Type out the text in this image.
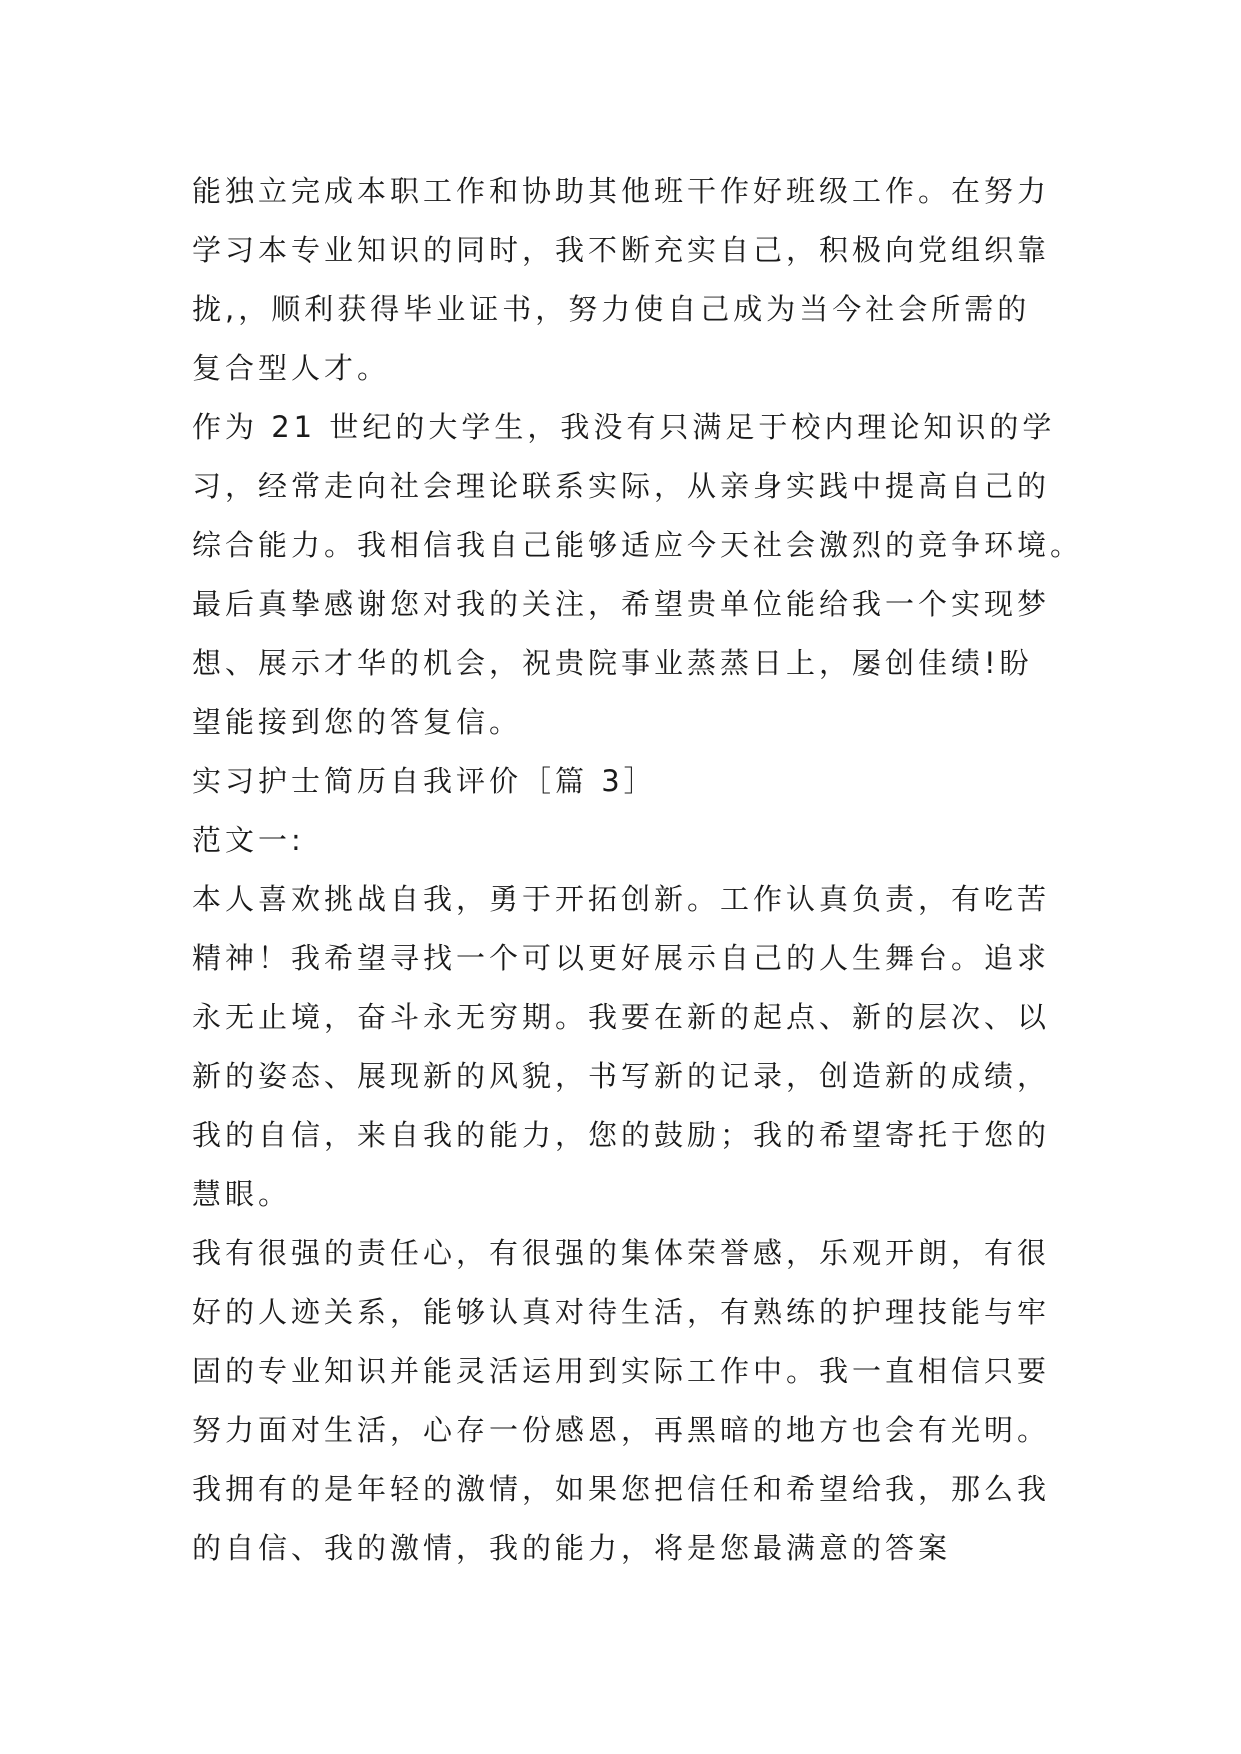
能独立完成本职工作和协助其他班干作好班级工作。在努力
学习本专业知识的同时，我不断充实自己，积极向党组织靠
拢,，顺利获得毕业证书，努力使自己成为当今社会所需的
复合型人才。
作为 21 世纪的大学生，我没有只满足于校内理论知识的学
习，经常走向社会理论联系实际，从亲身实践中提高自己的
综合能力。我相信我自己能够适应今天社会激烈的竞争环境。
最后真挚感谢您对我的关注，希望贵单位能给我一个实现梦
想、展示才华的机会，祝贵院事业蒸蒸日上，屡创佳绩!盼
望能接到您的答复信。
实习护士简历自我评价［篇 3］
范文一:
本人喜欢挑战自我，勇于开拓创新。工作认真负责，有吃苦
精神！我希望寻找一个可以更好展示自己的人生舞台。追求
永无止境，奋斗永无穷期。我要在新的起点、新的层次、以
新的姿态、展现新的风貌，书写新的记录，创造新的成绩，
我的自信，来自我的能力，您的鼓励；我的希望寄托于您的
慧眼。
我有很强的责任心，有很强的集体荣誉感，乐观开朗，有很
好的人迹关系，能够认真对待生活，有熟练的护理技能与牢
固的专业知识并能灵活运用到实际工作中。我一直相信只要
努力面对生活，心存一份感恩，再黑暗的地方也会有光明。
我拥有的是年轻的激情，如果您把信任和希望给我，那么我
的自信、我的激情，我的能力，将是您最满意的答案
